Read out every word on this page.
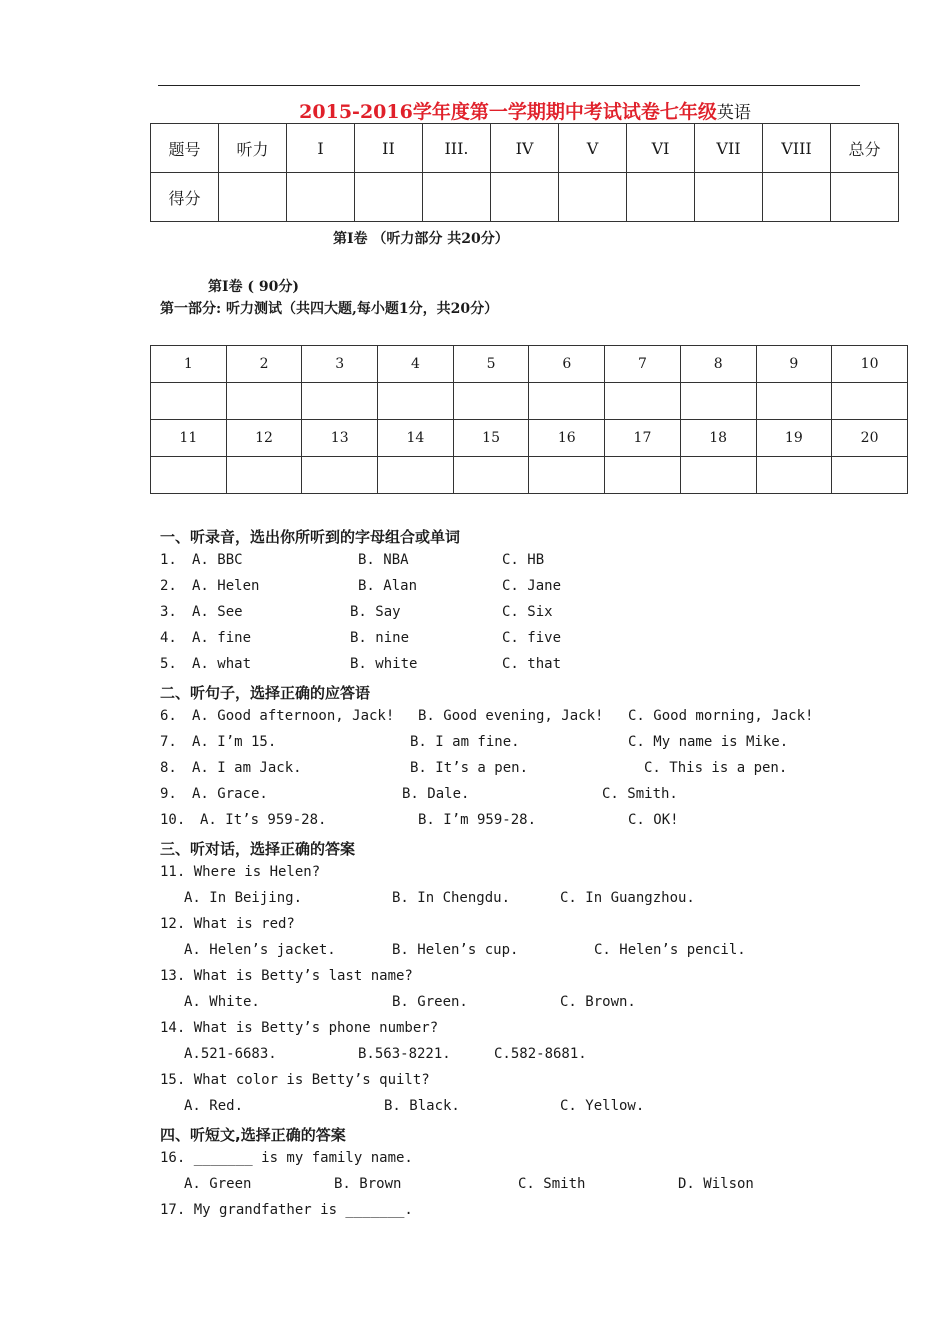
2015-2016学年度第一学期期中考试试卷七年级英语
题号	听力	I	II	III.	IV	V	VI	VII	VIII	总分
得分										
第I卷 （听力部分 共20分）
第I卷 ( 90分)
第一部分: 听力测试（共四大题,每小题1分，共20分）
1	2	3	4	5	6	7	8	9	10

11	12	13	14	15	16	17	18	19	20

一、听录音，选出你所听到的字母组合或单词
1. A. BBC	B. NBA	C. HB
2. A. Helen	B. Alan	C. Jane
3. A. See	B. Say	C. Six
4. A. fine	B. nine	C. five
5. A. what	B. white	C. that
二、听句子，选择正确的应答语
6. A. Good afternoon, Jack! B. Good evening, Jack! C. Good morning, Jack!
7. A. I’m 15.	B. I am fine.	C. My name is Mike.
8. A. I am Jack.	B. It’s a pen.	C. This is a pen.
9. A. Grace.	B. Dale.	C. Smith.
10. A. It’s 959-28.	B. I’m 959-28.	C. OK!
三、听对话，选择正确的答案
11. Where is Helen?
A. In Beijing.	B. In Chengdu.	C. In Guangzhou.
12. What is red?
A. Helen’s jacket.	B. Helen’s cup.	C. Helen’s pencil.
13. What is Betty’s last name?
A. White.	B. Green.	C. Brown.
14. What is Betty’s phone number?
A.521-6683.	B.563-8221.	C.582-8681.
15. What color is Betty’s quilt?
A. Red.	B. Black.	C. Yellow.
四、听短文,选择正确的答案
16. _______ is my family name.
A. Green	B. Brown	C. Smith	D. Wilson
17. My grandfather is _______.
